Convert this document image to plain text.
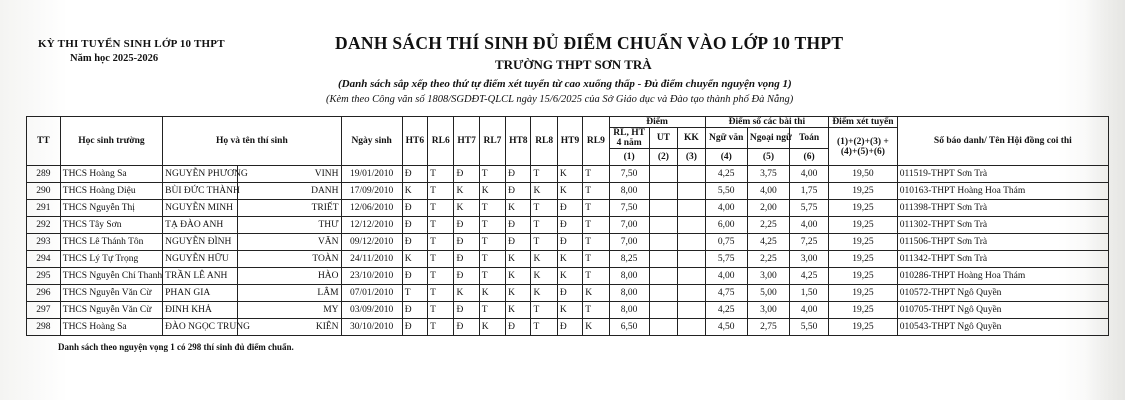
KỲ THI TUYỂN SINH LỚP 10 THPT
Năm học 2025-2026
DANH SÁCH THÍ SINH ĐỦ ĐIỂM CHUẨN VÀO LỚP 10 THPT
TRƯỜNG THPT SƠN TRÀ
(Danh sách sắp xếp theo thứ tự điểm xét tuyển từ cao xuống thấp - Đủ điểm chuyển nguyện vọng 1)
(Kèm theo Công văn số 1808/SGDĐT-QLCL ngày 15/6/2025 của Sở Giáo dục và Đào tạo thành phố Đà Nẵng)
TT	Học sinh trường	Họ và tên thí sinh		Ngày sinh	HT6	RL6	HT7	RL7	HT8	RL8	HT9	RL9	Điểm			Điểm số các bài thi			Điểm xét tuyển	Số báo danh/ Tên Hội đồng coi thi
													RL, HT 4 năm	UT	KK	Ngữ văn	Ngoại ngữ	Toán	(1)+(2)+(3) +(4)+(5)+(6)	
													(1)	(2)	(3)	(4)	(5)	(6)		
289	THCS Hoàng Sa	NGUYỄN PHƯƠNG	VINH	19/01/2010	Đ	T	Đ	T	Đ	T	K	T	7,50			4,25	3,75	4,00	19,50	011519-THPT Sơn Trà
290	THCS Hoàng Diệu	BÙI ĐỨC THÀNH	DANH	17/09/2010	K	T	K	K	Đ	K	K	T	8,00			5,50	4,00	1,75	19,25	010163-THPT Hoàng Hoa Thám
291	THCS Nguyễn Thị	NGUYỄN MINH	TRIẾT	12/06/2010	Đ	T	K	T	K	T	Đ	T	7,50			4,00	2,00	5,75	19,25	011398-THPT Sơn Trà
292	THCS Tây Sơn	TẠ ĐÀO ANH	THƯ	12/12/2010	Đ	T	Đ	T	Đ	T	Đ	T	7,00			6,00	2,25	4,00	19,25	011302-THPT Sơn Trà
293	THCS Lê Thánh Tôn	NGUYỄN ĐÌNH	VĂN	09/12/2010	Đ	T	Đ	T	Đ	T	Đ	T	7,00			0,75	4,25	7,25	19,25	011506-THPT Sơn Trà
294	THCS Lý Tự Trọng	NGUYỄN HỮU	TOÀN	24/11/2010	K	T	Đ	T	K	K	K	T	8,25			5,75	2,25	3,00	19,25	011342-THPT Sơn Trà
295	THCS Nguyễn Chí Thanh	TRẦN LÊ ANH	HÀO	23/10/2010	Đ	T	Đ	T	K	K	K	T	8,00			4,00	3,00	4,25	19,25	010286-THPT Hoàng Hoa Thám
296	THCS Nguyễn Văn Cừ	PHAN GIA	LÂM	07/01/2010	T	T	K	K	K	K	Đ	K	8,00			4,75	5,00	1,50	19,25	010572-THPT Ngô Quyền
297	THCS Nguyễn Văn Cừ	ĐINH KHẢ	MY	03/09/2010	Đ	T	Đ	T	K	T	K	T	8,00			4,25	3,00	4,00	19,25	010705-THPT Ngô Quyền
298	THCS Hoàng Sa	ĐÀO NGỌC TRUNG	KIÊN	30/10/2010	Đ	T	Đ	K	Đ	T	Đ	K	6,50			4,50	2,75	5,50	19,25	010543-THPT Ngô Quyền
Danh sách theo nguyện vọng 1 có 298 thí sinh đủ điểm chuẩn.
